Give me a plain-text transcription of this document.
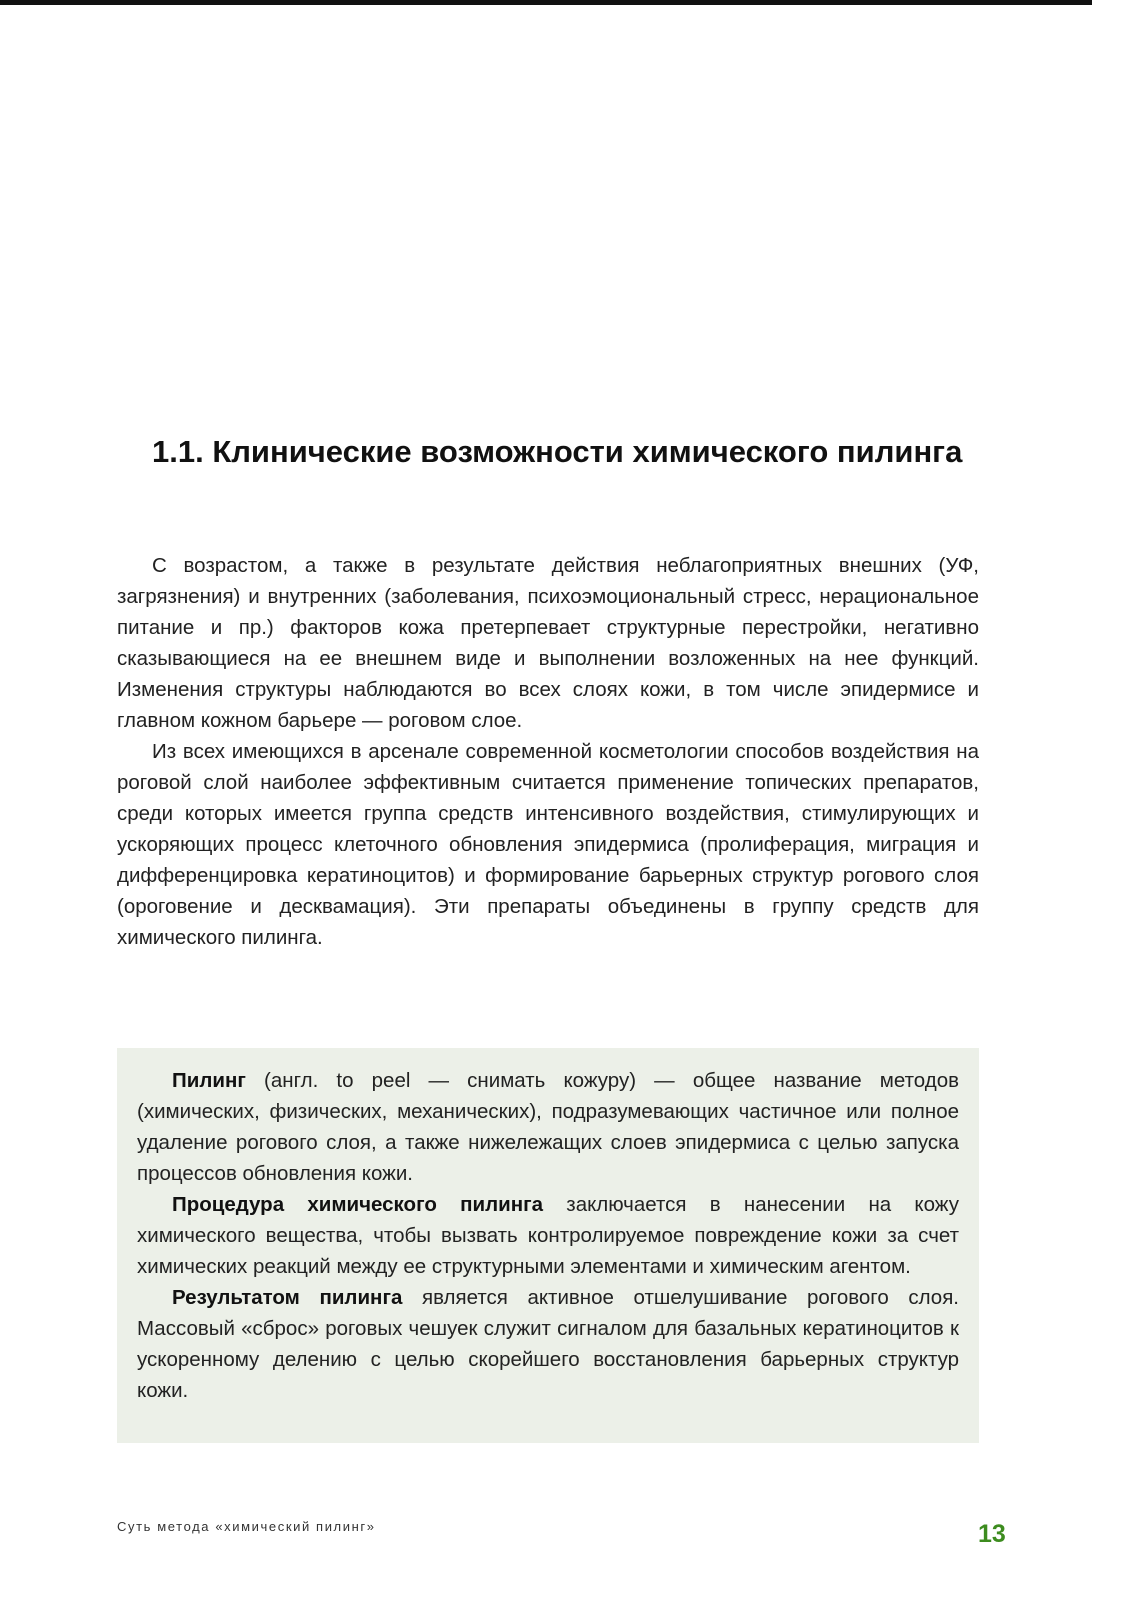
1.1. Клинические возможности химического пилинга

С возрастом, а также в результате действия неблагоприятных внешних (УФ, загрязнения) и внутренних (заболевания, психоэмоциональный стресс, нерациональное питание и пр.) факторов кожа претерпевает структурные перестройки, негативно сказывающиеся на ее внешнем виде и выполнении возложенных на нее функций. Изменения структуры наблюдаются во всех слоях кожи, в том числе эпидермисе и главном кожном барьере — роговом слое.

Из всех имеющихся в арсенале современной косметологии способов воздействия на роговой слой наиболее эффективным считается применение топических препаратов, среди которых имеется группа средств интенсивного воздействия, стимулирующих и ускоряющих процесс клеточного обновления эпидермиса (пролиферация, миграция и дифференцировка кератиноцитов) и формирование барьерных структур рогового слоя (ороговение и десквамация). Эти препараты объединены в группу средств для химического пилинга.

Пилинг (англ. to peel — снимать кожуру) — общее название методов (химических, физических, механических), подразумевающих частичное или полное удаление рогового слоя, а также нижележащих слоев эпидермиса с целью запуска процессов обновления кожи.

Процедура химического пилинга заключается в нанесении на кожу химического вещества, чтобы вызвать контролируемое повреждение кожи за счет химических реакций между ее структурными элементами и химическим агентом.

Результатом пилинга является активное отшелушивание рогового слоя. Массовый «сброс» роговых чешуек служит сигналом для базальных кератиноцитов к ускоренному делению с целью скорейшего восстановления барьерных структур кожи.

Суть метода «химический пилинг»	13
